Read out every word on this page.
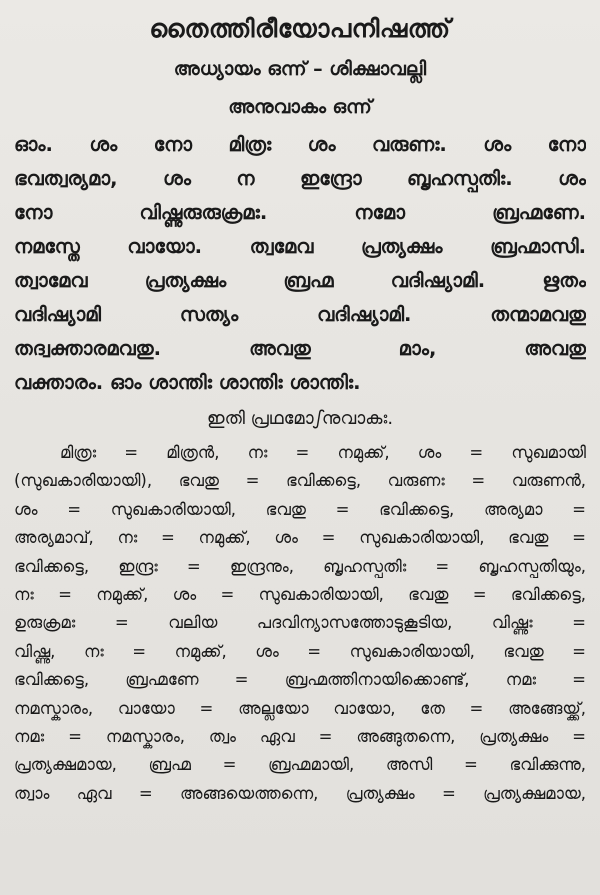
തൈത്തിരീയോപനിഷത്ത്
അധ്യായം ഒന്ന് – ശിക്ഷാവല്ലി
അനുവാകം ഒന്ന്
ഓം. ശം നോ മിത്രഃ ശം വരുണഃ. ശം നോ
ഭവത്വര്യമാ, ശം ന ഇന്ദ്രോ ബൃഹസ്പതിഃ. ശം
നോ വിഷ്ണുരുരുക്രമഃ. നമോ ബ്രഹ്മണേ.
നമസ്തേ വായോ. ത്വമേവ പ്രത്യക്ഷം ബ്രഹ്മാസി.
ത്വാമേവ പ്രത്യക്ഷം ബ്രഹ്മ വദിഷ്യാമി. ഋതം
വദിഷ്യാമി സത്യം വദിഷ്യാമി. തന്മാമവതു
തദ്വക്താരമവതു. അവതു മാം, അവതു
വക്താരം. ഓം ശാന്തിഃ ശാന്തിഃ ശാന്തിഃ.
ഇതി പ്രഥമോഽനുവാകഃ.
മിത്രഃ = മിത്രൻ, നഃ = നമുക്ക്, ശം = സുഖമായി
(സുഖകാരിയായി), ഭവതു = ഭവിക്കട്ടെ, വരുണഃ = വരുണൻ,
ശം = സുഖകാരിയായി, ഭവതു = ഭവിക്കട്ടെ, അര്യമാ =
അര്യമാവ്, നഃ = നമുക്ക്, ശം = സുഖകാരിയായി, ഭവതു =
ഭവിക്കട്ടെ, ഇന്ദ്രഃ = ഇന്ദ്രനും, ബൃഹസ്പതിഃ = ബൃഹസ്പതിയും,
നഃ = നമുക്ക്, ശം = സുഖകാരിയായി, ഭവതു = ഭവിക്കട്ടെ,
ഉരുക്രമഃ = വലിയ പദവിന്യാസത്തോടുകൂടിയ, വിഷ്ണുഃ =
വിഷ്ണു, നഃ = നമുക്ക്, ശം = സുഖകാരിയായി, ഭവതു =
ഭവിക്കട്ടെ, ബ്രഹ്മണേ = ബ്രഹ്മത്തിനായിക്കൊണ്ട്, നമഃ =
നമസ്കാരം, വായോ = അല്ലയോ വായോ, തേ = അങ്ങേയ്ക്ക്,
നമഃ = നമസ്കാരം, ത്വം ഏവ = അങ്ങുതന്നെ, പ്രത്യക്ഷം =
പ്രത്യക്ഷമായ, ബ്രഹ്മ = ബ്രഹ്മമായി, അസി = ഭവിക്കുന്നു,
ത്വാം ഏവ = അങ്ങയെത്തന്നെ, പ്രത്യക്ഷം = പ്രത്യക്ഷമായ,
